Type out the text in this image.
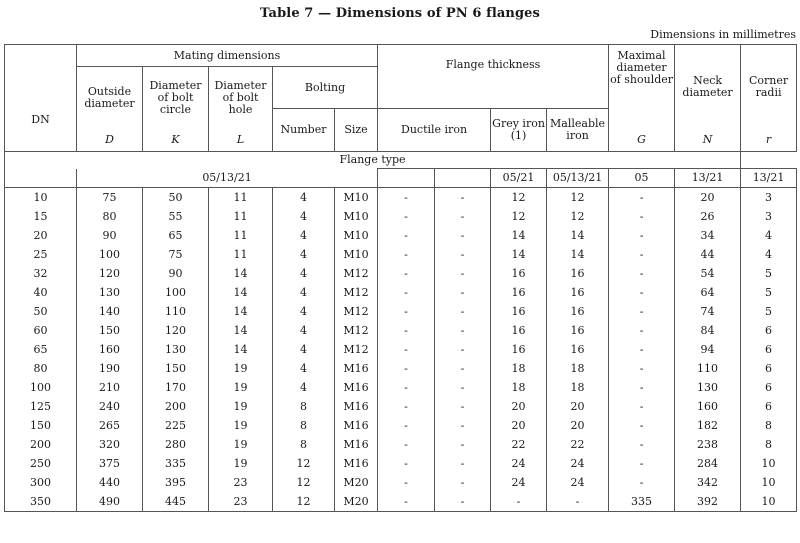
Table 7 — Dimensions of PN 6 flanges
Dimensions in millimetres
DN	Mating dimensions					Flange thickness				Maximal diameter of shoulder	Neck diameter	Corner radii
	Outside diameter	Diameter of bolt circle	Diameter of bolt hole	Bolting								
				Number	Size	Ductile iron		Grey iron (1)	Malleable iron			
	D	K	L							G	N	r

Flange type												
	05/13/21							05/21	05/13/21	05	13/21	13/21
10	75	50	11	4	M10	-	-	12	12	-	20	3
15	80	55	11	4	M10	-	-	12	12	-	26	3
20	90	65	11	4	M10	-	-	14	14	-	34	4
25	100	75	11	4	M10	-	-	14	14	-	44	4
32	120	90	14	4	M12	-	-	16	16	-	54	5
40	130	100	14	4	M12	-	-	16	16	-	64	5
50	140	110	14	4	M12	-	-	16	16	-	74	5
60	150	120	14	4	M12	-	-	16	16	-	84	6
65	160	130	14	4	M12	-	-	16	16	-	94	6
80	190	150	19	4	M16	-	-	18	18	-	110	6
100	210	170	19	4	M16	-	-	18	18	-	130	6
125	240	200	19	8	M16	-	-	20	20	-	160	6
150	265	225	19	8	M16	-	-	20	20	-	182	8
200	320	280	19	8	M16	-	-	22	22	-	238	8
250	375	335	19	12	M16	-	-	24	24	-	284	10
300	440	395	23	12	M20	-	-	24	24	-	342	10
350	490	445	23	12	M20	-	-	-	-	335	392	10
